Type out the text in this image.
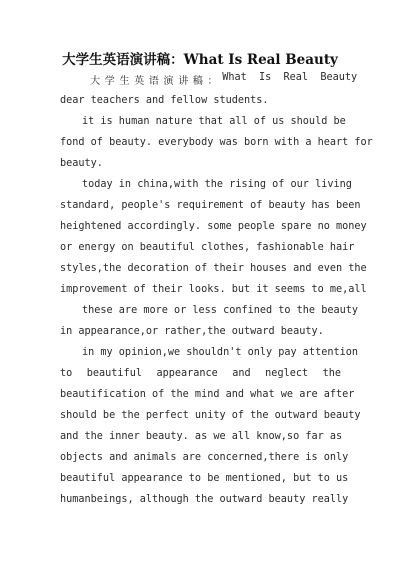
大学生英语演讲稿：What Is Real Beauty
大学生英语演讲稿： What  Is  Real  Beauty
dear teachers and fellow students.
it is human nature that all of us should be
fond of beauty. everybody was born with a heart for
beauty.
today in china,with the rising of our living
standard, people's requirement of beauty has been
heightened accordingly. some people spare no money
or energy on beautiful clothes, fashionable hair
styles,the decoration of their houses and even the
improvement of their looks. but it seems to me,all
these are more or less confined to the beauty
in appearance,or rather,the outward beauty.
in my opinion,we shouldn't only pay attention
to beautiful appearance and neglect the
beautification of the mind and what we are after
should be the perfect unity of the outward beauty
and the inner beauty. as we all know,so far as
objects and animals are concerned,there is only
beautiful appearance to be mentioned, but to us
humanbeings, although the outward beauty really
